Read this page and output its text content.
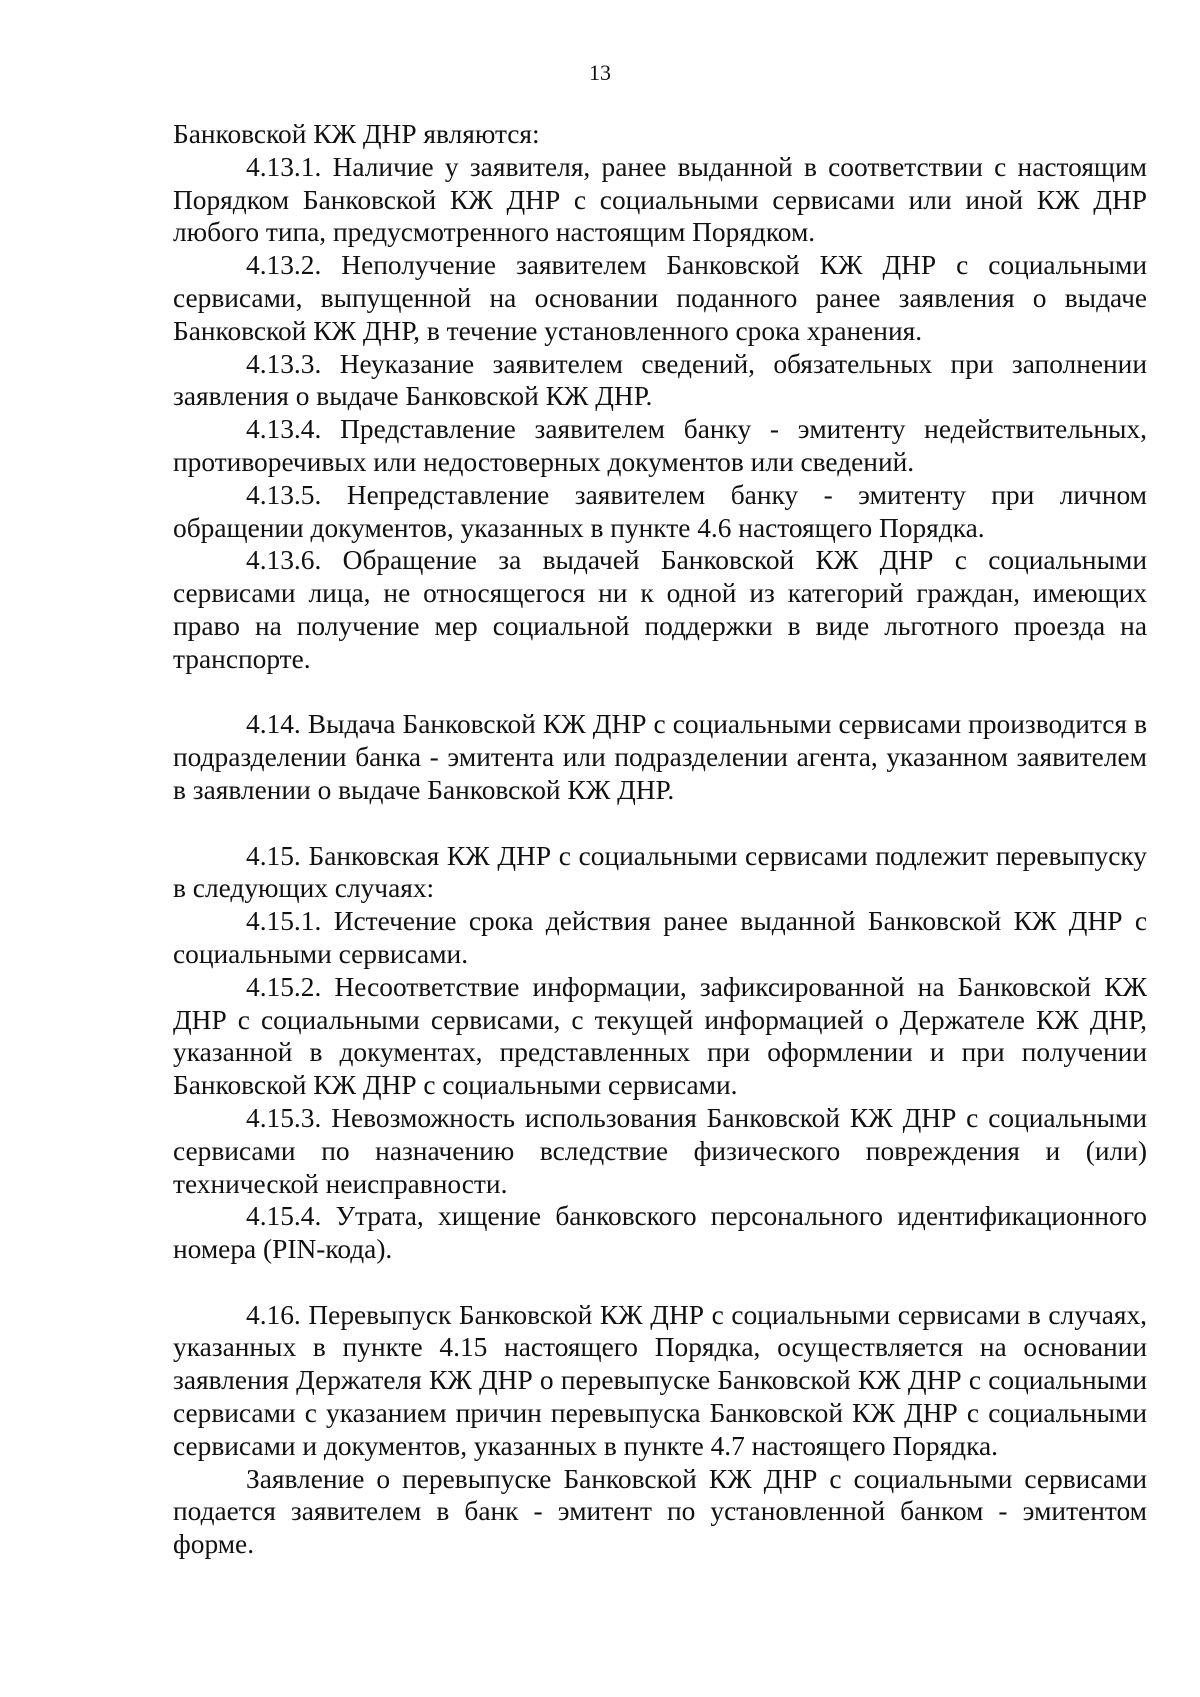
13

Банковской КЖ ДНР являются:

4.13.1. Наличие у заявителя, ранее выданной в соответствии с настоящим Порядком Банковской КЖ ДНР с социальными сервисами или иной КЖ ДНР любого типа, предусмотренного настоящим Порядком.

4.13.2. Неполучение заявителем Банковской КЖ ДНР с социальными сервисами, выпущенной на основании поданного ранее заявления о выдаче Банковской КЖ ДНР, в течение установленного срока хранения.

4.13.3. Неуказание заявителем сведений, обязательных при заполнении заявления о выдаче Банковской КЖ ДНР.

4.13.4. Представление заявителем банку - эмитенту недействительных, противоречивых или недостоверных документов или сведений.

4.13.5. Непредставление заявителем банку - эмитенту при личном обращении документов, указанных в пункте 4.6 настоящего Порядка.

4.13.6. Обращение за выдачей Банковской КЖ ДНР с социальными сервисами лица, не относящегося ни к одной из категорий граждан, имеющих право на получение мер социальной поддержки в виде льготного проезда на транспорте.

4.14. Выдача Банковской КЖ ДНР с социальными сервисами производится в подразделении банка - эмитента или подразделении агента, указанном заявителем в заявлении о выдаче Банковской КЖ ДНР.

4.15. Банковская КЖ ДНР с социальными сервисами подлежит перевыпуску в следующих случаях:

4.15.1. Истечение срока действия ранее выданной Банковской КЖ ДНР с социальными сервисами.

4.15.2. Несоответствие информации, зафиксированной на Банковской КЖ ДНР с социальными сервисами, с текущей информацией о Держателе КЖ ДНР, указанной в документах, представленных при оформлении и при получении Банковской КЖ ДНР с социальными сервисами.

4.15.3. Невозможность использования Банковской КЖ ДНР с социальными сервисами по назначению вследствие физического повреждения и (или) технической неисправности.

4.15.4. Утрата, хищение банковского персонального идентификационного номера (PIN-кода).

4.16. Перевыпуск Банковской КЖ ДНР с социальными сервисами в случаях, указанных в пункте 4.15 настоящего Порядка, осуществляется на основании заявления Держателя КЖ ДНР о перевыпуске Банковской КЖ ДНР с социальными сервисами с указанием причин перевыпуска Банковской КЖ ДНР с социальными сервисами и документов, указанных в пункте 4.7 настоящего Порядка.

Заявление о перевыпуске Банковской КЖ ДНР с социальными сервисами подается заявителем в банк - эмитент по установленной банком - эмитентом форме.
